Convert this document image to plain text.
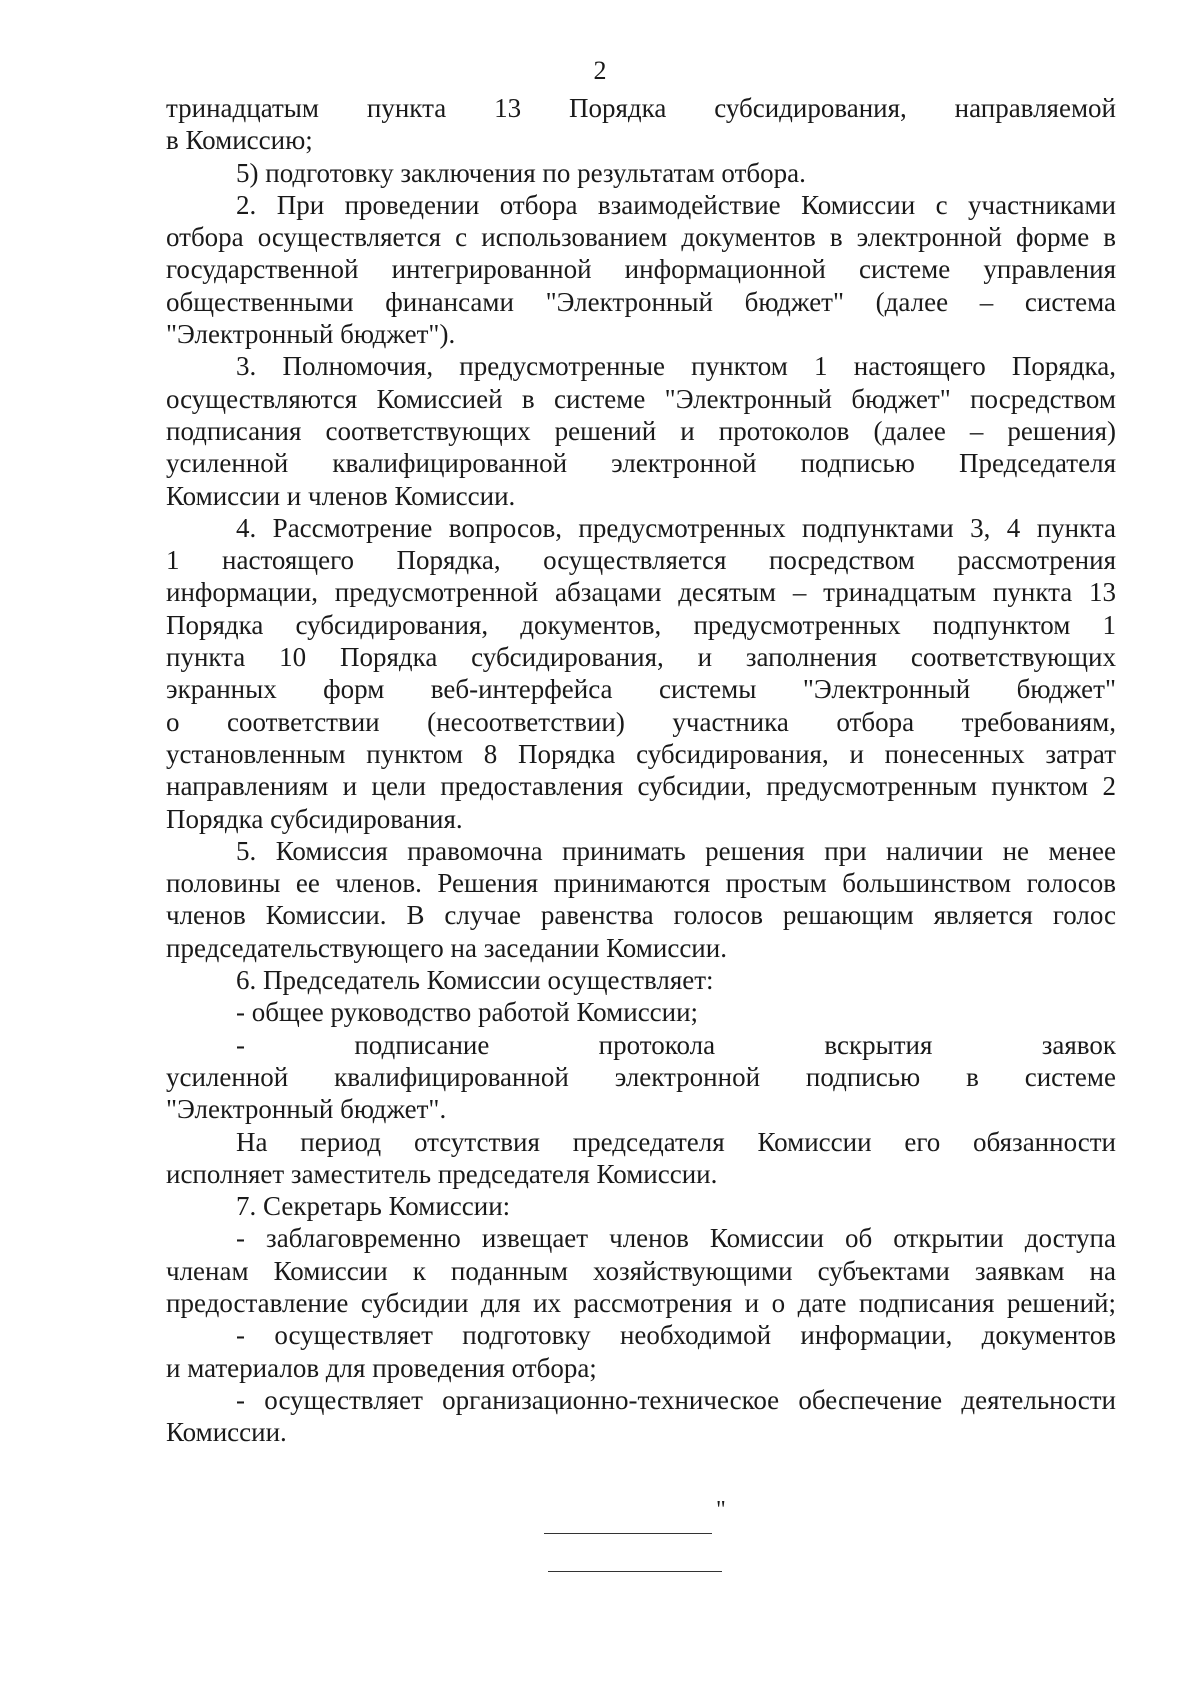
2
тринадцатым пункта 13 Порядка субсидирования, направляемой
в Комиссию;
5) подготовку заключения по результатам отбора.
2. При проведении отбора взаимодействие Комиссии с участниками
отбора осуществляется с использованием документов в электронной форме в
государственной интегрированной информационной системе управления
общественными финансами "Электронный бюджет" (далее – система
"Электронный бюджет").
3. Полномочия, предусмотренные пунктом 1 настоящего Порядка,
осуществляются Комиссией в системе "Электронный бюджет" посредством
подписания соответствующих решений и протоколов (далее – решения)
усиленной квалифицированной электронной подписью Председателя
Комиссии и членов Комиссии.
4. Рассмотрение вопросов, предусмотренных подпунктами 3, 4 пункта
1 настоящего Порядка, осуществляется посредством рассмотрения
информации, предусмотренной абзацами десятым – тринадцатым пункта 13
Порядка субсидирования, документов, предусмотренных подпунктом 1
пункта 10 Порядка субсидирования, и заполнения соответствующих
экранных форм веб-интерфейса системы "Электронный бюджет"
о соответствии (несоответствии) участника отбора требованиям,
установленным пунктом 8 Порядка субсидирования, и понесенных затрат
направлениям и цели предоставления субсидии, предусмотренным пунктом 2
Порядка субсидирования.
5. Комиссия правомочна принимать решения при наличии не менее
половины ее членов. Решения принимаются простым большинством голосов
членов Комиссии. В случае равенства голосов решающим является голос
председательствующего на заседании Комиссии.
6. Председатель Комиссии осуществляет:
- общее руководство работой Комиссии;
- подписание протокола вскрытия заявок
усиленной квалифицированной электронной подписью в системе
"Электронный бюджет".
На период отсутствия председателя Комиссии его обязанности
исполняет заместитель председателя Комиссии.
7. Секретарь Комиссии:
- заблаговременно извещает членов Комиссии об открытии доступа
членам Комиссии к поданным хозяйствующими субъектами заявкам на
предоставление субсидии для их рассмотрения и о дате подписания решений;
- осуществляет подготовку необходимой информации, документов
и материалов для проведения отбора;
- осуществляет организационно-техническое обеспечение деятельности
Комиссии.
"
